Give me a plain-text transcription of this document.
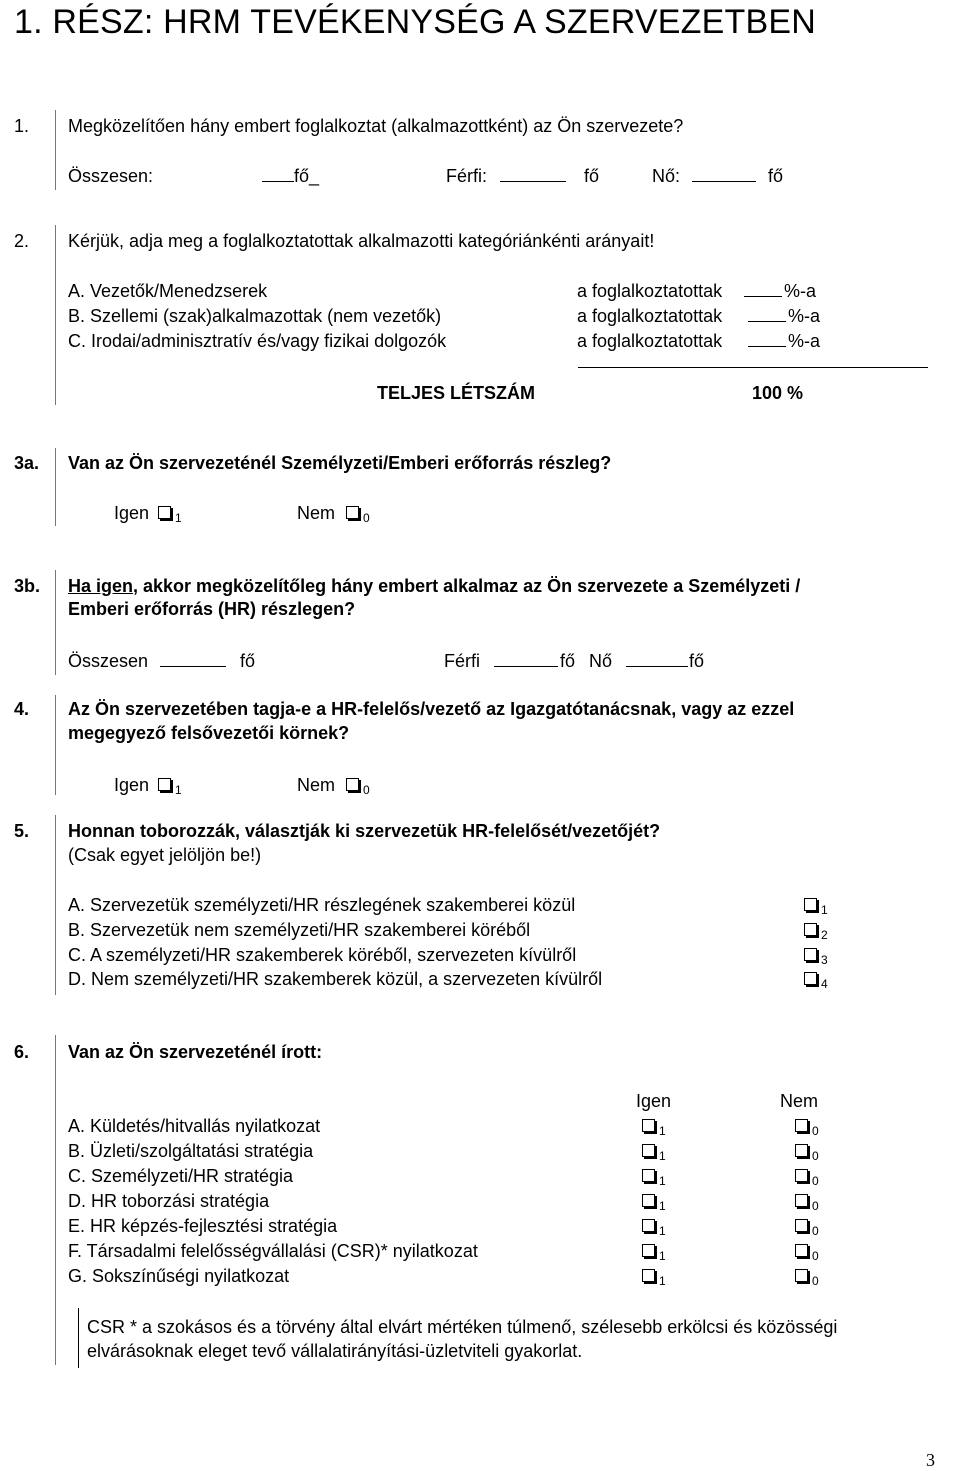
1. RÉSZ: HRM TEVÉKENYSÉG A SZERVEZETBEN
1. Megközelítően hány embert foglalkoztat (alkalmazottként) az Ön szervezete?
Összesen:	fő_	Férfi:	fő	Nő:	fő
2. Kérjük, adja meg a foglalkoztatottak alkalmazotti kategóriánkénti arányait!
A. Vezetők/Menedzserek	a foglalkoztatottak	%-a
B. Szellemi (szak)alkalmazottak (nem vezetők)	a foglalkoztatottak	%-a
C. Irodai/adminisztratív és/vagy fizikai dolgozók	a foglalkoztatottak	%-a
TELJES LÉTSZÁM	100 %
3a. Van az Ön szervezeténél Személyzeti/Emberi erőforrás részleg?
Igen	$_1$	Nem	$_0$
3b. Ha igen, akkor megközelítőleg hány embert alkalmaz az Ön szervezete a Személyzeti /
Emberi erőforrás (HR) részlegen?
Összesen	fő	Férfi	fő Nő	fő
4. Az Ön szervezetében tagja-e a HR-felelős/vezető az Igazgatótanácsnak, vagy az ezzel
megegyező felsővezetői körnek?
Igen	$_1$	Nem	$_0$
5. Honnan toborozzák, választják ki szervezetük HR-felelősét/vezetőjét?
(Csak egyet jelöljön be!)
A. Szervezetük személyzeti/HR részlegének szakemberei közül	$_1$
B. Szervezetük nem személyzeti/HR szakemberei köréből	$_2$
C. A személyzeti/HR szakemberek köréből, szervezeten kívülről	$_3$
D. Nem személyzeti/HR szakemberek közül, a szervezeten kívülről	$_4$
6. Van az Ön szervezeténél írott:
Igen	Nem
A. Küldetés/hitvallás nyilatkozat	$_1$	$_0$
B. Üzleti/szolgáltatási stratégia	$_1$	$_0$
C. Személyzeti/HR stratégia	$_1$	$_0$
D. HR toborzási stratégia	$_1$	$_0$
E. HR képzés-fejlesztési stratégia	$_1$	$_0$
F. Társadalmi felelősségvállalási (CSR)* nyilatkozat	$_1$	$_0$
G. Sokszínűségi nyilatkozat	$_1$	$_0$
CSR * a szokásos és a törvény által elvárt mértéken túlmenő, szélesebb erkölcsi és közösségi
elvárásoknak eleget tevő vállalatirányítási-üzletviteli gyakorlat.
3
